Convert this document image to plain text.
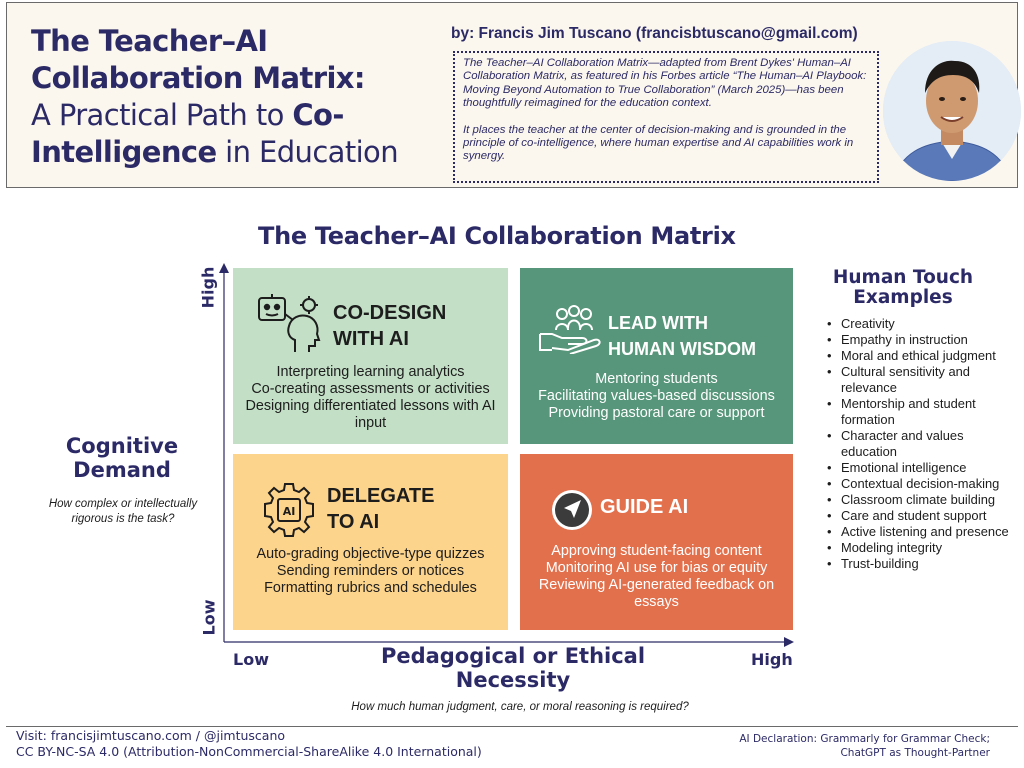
The Teacher–AI Collaboration Matrix:
A Practical Path to Co-Intelligence in Education
by: Francis Jim Tuscano (francisbtuscano@gmail.com)

The Teacher–AI Collaboration Matrix—adapted from Brent Dykes' Human–AI Collaboration Matrix, as featured in his Forbes article “The Human–AI Playbook: Moving Beyond Automation to True Collaboration” (March 2025)—has been thoughtfully reimagined for the education context.

It places the teacher at the center of decision-making and is grounded in the principle of co-intelligence, where human expertise and AI capabilities work in synergy.

The Teacher–AI Collaboration Matrix
High
Low
Low	High
Cognitive Demand
How complex or intellectually rigorous is the task?
Pedagogical or Ethical Necessity
How much human judgment, care, or moral reasoning is required?
CO-DESIGN
WITH AI
Interpreting learning analytics
Co-creating assessments or activities
Designing differentiated lessons with AI input
LEAD WITH
HUMAN WISDOM
Mentoring students
Facilitating values-based discussions
Providing pastoral care or support
AI
DELEGATE
TO AI
Auto-grading objective-type quizzes
Sending reminders or notices
Formatting rubrics and schedules
GUIDE AI
Approving student-facing content
Monitoring AI use for bias or equity
Reviewing AI-generated feedback on essays
Human Touch Examples
• Creativity
• Empathy in instruction
• Moral and ethical judgment
• Cultural sensitivity and relevance
• Mentorship and student formation
• Character and values education
• Emotional intelligence
• Contextual decision-making
• Classroom climate building
• Care and student support
• Active listening and presence
• Modeling integrity
• Trust-building
Visit: francisjimtuscano.com / @jimtuscano
CC BY-NC-SA 4.0 (Attribution-NonCommercial-ShareAlike 4.0 International)
AI Declaration: Grammarly for Grammar Check;
ChatGPT as Thought-Partner
